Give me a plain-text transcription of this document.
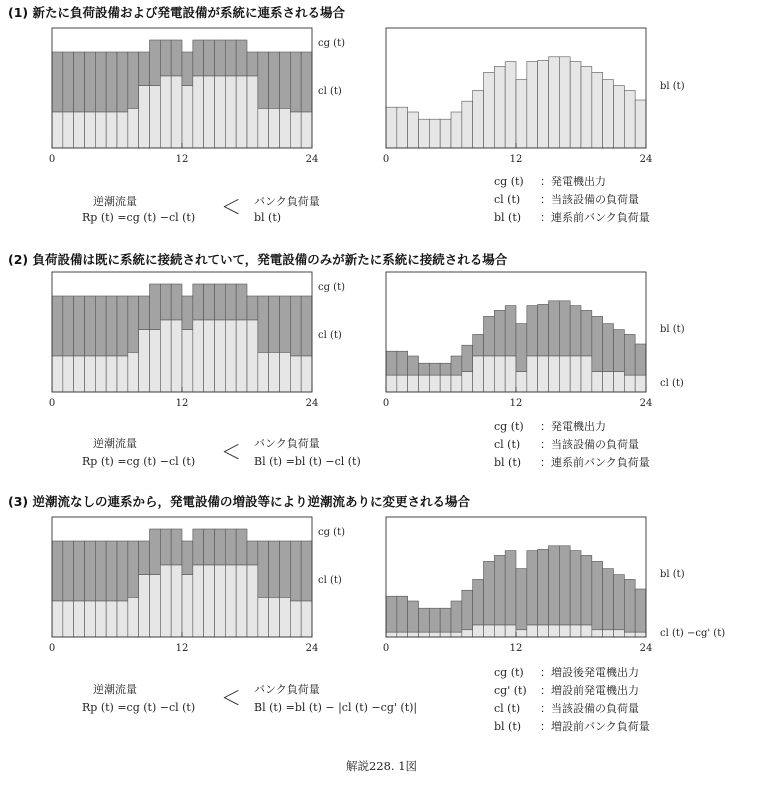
(1) 新たに負荷設備および発電設備が系統に連系される場合
(2) 負荷設備は既に系統に接続されていて，発電設備のみが新たに系統に接続される場合
(3) 逆潮流なしの連系から，発電設備の増設等により逆潮流ありに変更される場合
0	12	24
cg (t)
cl (t)
0	12	24
bl (t)
0	12	24
cg (t)
cl (t)
0	12	24
bl (t)
cl (t)
0	12	24
cg (t)
cl (t)
0	12	24
bl (t)
cl (t) −cg' (t)
逆潮流量
Rp (t) =cg (t) −cl (t) ＜ バンク負荷量
bl (t)
cg (t) ：発電機出力
cl (t) ：当該設備の負荷量
bl (t) ：連系前バンク負荷量
逆潮流量
Rp (t) =cg (t) −cl (t) ＜ バンク負荷量
Bl (t) =bl (t) −cl (t)
cg (t) ：発電機出力
cl (t) ：当該設備の負荷量
bl (t) ：連系前バンク負荷量
逆潮流量
Rp (t) =cg (t) −cl (t) ＜ バンク負荷量
Bl (t) =bl (t) − |cl (t) −cg' (t)|
cg (t) ：増設後発電機出力
cg' (t) ：増設前発電機出力
cl (t) ：当該設備の負荷量
bl (t) ：増設前バンク負荷量
解説228. 1図
